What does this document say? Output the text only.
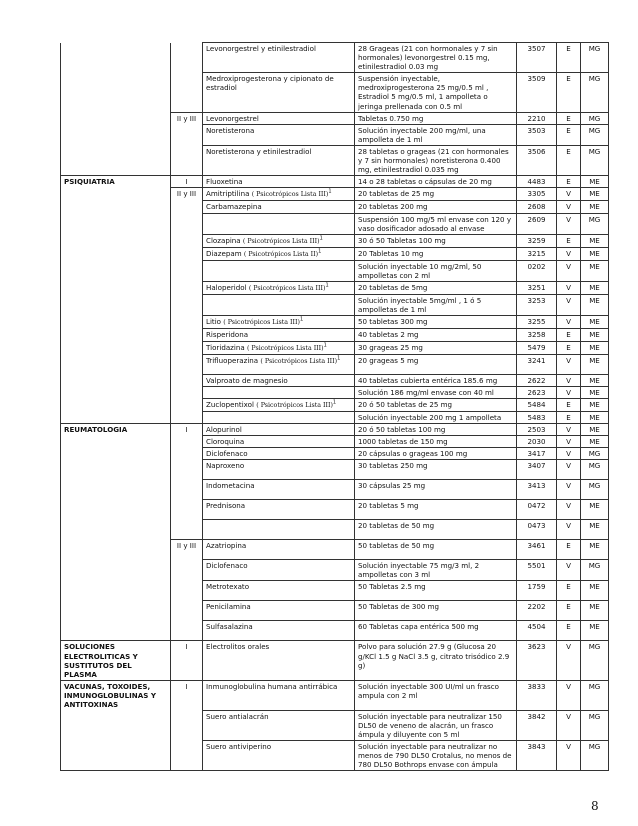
		Levonorgestrel y etinilestradiol	28 Grageas (21 con hormonales y 7 sin hormonales) levonorgestrel 0.15 mg, etinilestradiol 0.03 mg	3507	E	MG
		Medroxiprogesterona y cipionato de estradiol	Suspensión inyectable, medroxiprogesterona 25 mg/0.5 ml , Estradiol 5 mg/0.5 ml, 1 ampolleta o jeringa prellenada con 0.5 ml	3509	E	MG
	II y III	Levonorgestrel	Tabletas 0.750 mg	2210	E	MG
		Noretisterona	Solución inyectable 200 mg/ml, una ampolleta de 1 ml	3503	E	MG
		Noretisterona y etinilestradiol	28 tabletas o grageas (21 con hormonales y 7 sin hormonales) noretisterona 0.400 mg, etinilestradiol 0.035 mg	3506	E	MG
PSIQUIATRIA	I	Fluoxetina	14 o 28 tabletas o cápsulas de 20 mg	4483	E	ME
	II y III	Amitriptilina ( Psicotrópicos Lista III)$^1$	20 tabletas de 25 mg	3305	V	ME
		Carbamazepina	20 tabletas 200 mg	2608	V	ME
			Suspensión 100 mg/5 ml envase con 120 y vaso dosificador adosado al envase	2609	V	MG
		Clozapina ( Psicotrópicos Lista III)$^1$	30 ó 50 Tabletas 100 mg	3259	E	ME
		Diazepam ( Psicotrópicos Lista II)$^1$	20 Tabletas 10 mg	3215	V	ME
			Solución inyectable 10 mg/2ml, 50 ampolletas con 2 ml	0202	V	ME
		Haloperidol ( Psicotrópicos Lista III)$^1$	20 tabletas de 5mg	3251	V	ME
			Solución inyectable 5mg/ml , 1 ó 5 ampolletas de 1 ml	3253	V	ME
		Litio ( Psicotrópicos Lista III)$^1$	50 tabletas 300 mg	3255	V	ME
		Risperidona	40 tabletas 2 mg	3258	E	ME
		Tioridazina ( Psicotrópicos Lista III)$^1$	30 grageas 25 mg	5479	E	ME
		Trifluoperazina ( Psicotrópicos Lista III)$^1$	20 grageas 5 mg	3241	V	ME
		Valproato de magnesio	40 tabletas cubierta entérica 185.6 mg	2622	V	ME
			Solución 186 mg/ml envase con 40 ml	2623	V	ME
		Zuclopentixol ( Psicotrópicos Lista III)$^1$	20 ó 50 tabletas de 25 mg	5484	E	ME
			Solución inyectable 200 mg 1 ampolleta	5483	E	ME
REUMATOLOGIA	I	Alopurinol	20 ó 50 tabletas 100 mg	2503	V	ME
		Cloroquina	1000 tabletas de 150 mg	2030	V	ME
		Diclofenaco	20 cápsulas o grageas 100 mg	3417	V	MG
		Naproxeno	30 tabletas 250 mg	3407	V	MG
		Indometacina	30 cápsulas 25 mg	3413	V	MG
		Prednisona	20 tabletas 5 mg	0472	V	ME
			20 tabletas de 50 mg	0473	V	ME
	II y III	Azatriopina	50 tabletas de 50 mg	3461	E	ME
		Diclofenaco	Solución inyectable 75 mg/3 ml, 2 ampolletas con 3 ml	5501	V	MG
		Metrotexato	50 Tabletas 2.5 mg	1759	E	ME
		Penicilamina	50 Tabletas de 300 mg	2202	E	ME
		Sulfasalazina	60 Tabletas capa entérica 500 mg	4504	E	ME
SOLUCIONES ELECTROLITICAS Y SUSTITUTOS DEL PLASMA	I	Electrolitos orales	Polvo para solución 27.9 g (Glucosa 20 g/KCl 1.5 g NaCl 3.5 g, citrato trisódico 2.9 g)	3623	V	MG
VACUNAS, TOXOIDES, INMUNOGLOBULINAS Y ANTITOXINAS	I	Inmunoglobulina humana antirrábica	Solución inyectable 300 UI/ml un frasco ampula con 2 ml	3833	V	MG
		Suero antialacrán	Solución inyectable para neutralizar 150 DL50 de veneno de alacrán, un frasco ámpula y diluyente con 5 ml	3842	V	MG
		Suero antiviperino	Solución inyectable para neutralizar no menos de 790 DL50 Crotalus, no menos de 780 DL50 Bothrops envase con ámpula	3843	V	MG
8
